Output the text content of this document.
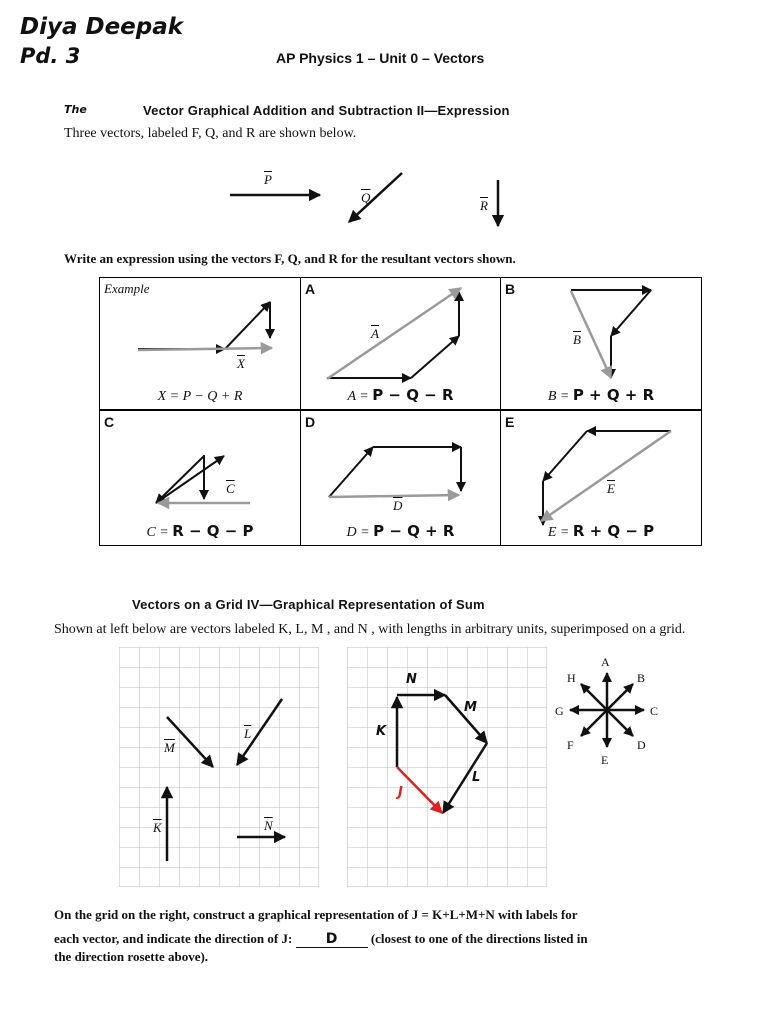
Diya Deepak
Pd. 3	AP Physics 1 – Unit 0 – Vectors
The	Vector Graphical Addition and Subtraction II—Expression
Three vectors, labeled F, Q, and R are shown below.
$\overline{P}$
$\overline{Q}$
$\overline{R}$
Write an expression using the vectors F, Q, and R for the resultant vectors shown.
Example
$\overline{X}$
X = P − Q + R
A
$\overline{A}$
A = P − Q − R
B
$\overline{B}$
B = P + Q + R
C
$\overline{C}$
C = R − Q − P
D
$\overline{D}$
D = P − Q + R
E
$\overline{E}$
E = R + Q − P
Vectors on a Grid IV—Graphical Representation of Sum
Shown at left below are vectors labeled K, L, M , and N , with lengths in arbitrary units, superimposed on a grid.
$\overline{K}$
$\overline{M}$
$\overline{L}$
$\overline{N}$
N
M
K
L
J
A
B
C
D
E
F
G
H
On the grid on the right, construct a graphical representation of J = K+L+M+N with labels for
each vector, and indicate the direction of J: D	(closest to one of the directions listed in
the direction rosette above).
